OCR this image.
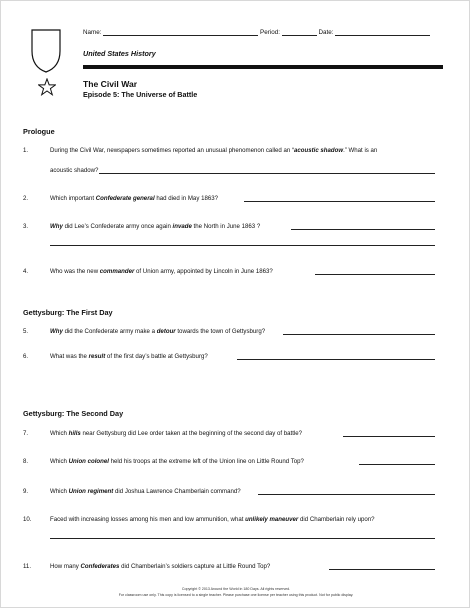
Name:	Period:	Date:
United States History
The Civil War
Episode 5: The Universe of Battle
Prologue
Gettysburg: The First Day
Gettysburg: The Second Day
1.	During the Civil War, newspapers sometimes reported an unusual phenomenon called an “acoustic shadow.” What is an
acoustic shadow?
2.	Which important Confederate general had died in May 1863?
3.	Why did Lee’s Confederate army once again invade the North in June 1863 ?
4.	Who was the new commander of Union army, appointed by Lincoln in June 1863?
5.	Why did the Confederate army make a detour towards the town of Gettysburg?
6.	What was the result of the first day’s battle at Gettysburg?
7.	Which hills near Gettysburg did Lee order taken at the beginning of the second day of battle?
8.	Which Union colonel held his troops at the extreme left of the Union line on Little Round Top?
9.	Which Union regiment did Joshua Lawrence Chamberlain command?
10.	Faced with increasing losses among his men and low ammunition, what unlikely maneuver did Chamberlain rely upon?
11.	How many Confederates did Chamberlain’s soldiers capture at Little Round Top?
Copyright © 2013 Around the World in 180 Days. All rights reserved.
For classroom use only. This copy is licensed to a single teacher. Please purchase one license per teacher using this product. Not for public display.
